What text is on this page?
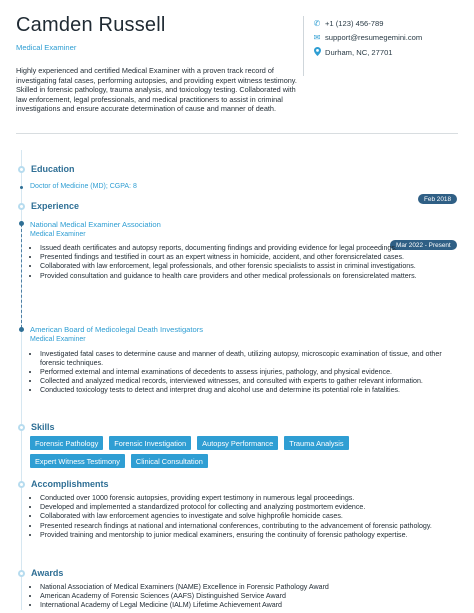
Camden Russell
Medical Examiner
✆ +1 (123) 456-789
✉ support@resumegemini.com
Durham, NC, 27701
Highly experienced and certified Medical Examiner with a proven track record of investigating fatal cases, performing autopsies, and providing expert witness testimony. Skilled in forensic pathology, trauma analysis, and toxicology testing. Collaborated with law enforcement, legal professionals, and medical practitioners to assist in criminal investigations and ensure accurate determination of cause and manner of death.
Education
Doctor of Medicine (MD); CGPA: 8
Experience
Feb 2018
National Medical Examiner Association
Medical Examiner
Mar 2022 - Present
• Issued death certificates and autopsy reports, documenting findings and providing evidence for legal proceedings.
• Presented findings and testified in court as an expert witness in homicide, accident, and other forensicrelated cases.
• Collaborated with law enforcement, legal professionals, and other forensic specialists to assist in criminal investigations.
• Provided consultation and guidance to health care providers and other medical professionals on forensicrelated matters.
American Board of Medicolegal Death Investigators
Medical Examiner
• Investigated fatal cases to determine cause and manner of death, utilizing autopsy, microscopic examination of tissue, and other forensic techniques.
• Performed external and internal examinations of decedents to assess injuries, pathology, and physical evidence.
• Collected and analyzed medical records, interviewed witnesses, and consulted with experts to gather relevant information.
• Conducted toxicology tests to detect and interpret drug and alcohol use and determine its potential role in fatalities.
Skills
Forensic Pathology	Forensic Investigation	Autopsy Performance	Trauma Analysis
Expert Witness Testimony	Clinical Consultation
Accomplishments
• Conducted over 1000 forensic autopsies, providing expert testimony in numerous legal proceedings.
• Developed and implemented a standardized protocol for collecting and analyzing postmortem evidence.
• Collaborated with law enforcement agencies to investigate and solve highprofile homicide cases.
• Presented research findings at national and international conferences, contributing to the advancement of forensic pathology.
• Provided training and mentorship to junior medical examiners, ensuring the continuity of forensic pathology expertise.
Awards
• National Association of Medical Examiners (NAME) Excellence in Forensic Pathology Award
• American Academy of Forensic Sciences (AAFS) Distinguished Service Award
• International Academy of Legal Medicine (IALM) Lifetime Achievement Award
